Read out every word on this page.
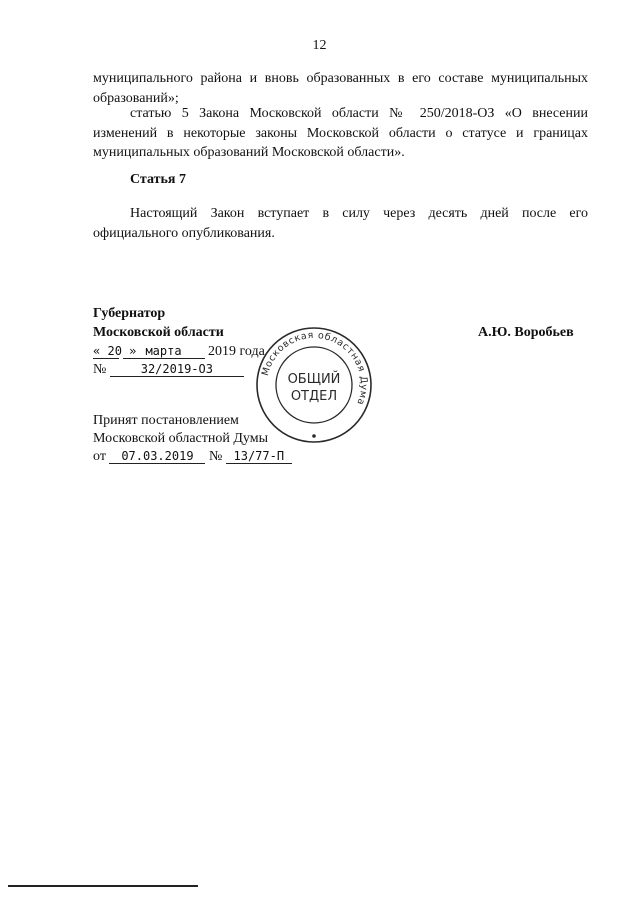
12
муниципального района и вновь образованных в его составе муниципальных образований»;
статью 5 Закона Московской области № 250/2018-ОЗ «О внесении изменений в некоторые законы Московской области о статусе и границах муниципальных образований Московской области».
Статья 7
Настоящий Закон вступает в силу через десять дней после его официального опубликования.
Губернатор
Московской области	А.Ю. Воробьев
« 20 » марта 2019 года
№	32/2019-ОЗ
Принят постановлением
Московской областной Думы
от 07.03.2019 № 13/77-П
Московская областная Дума
ОБЩИЙ
ОТДЕЛ
